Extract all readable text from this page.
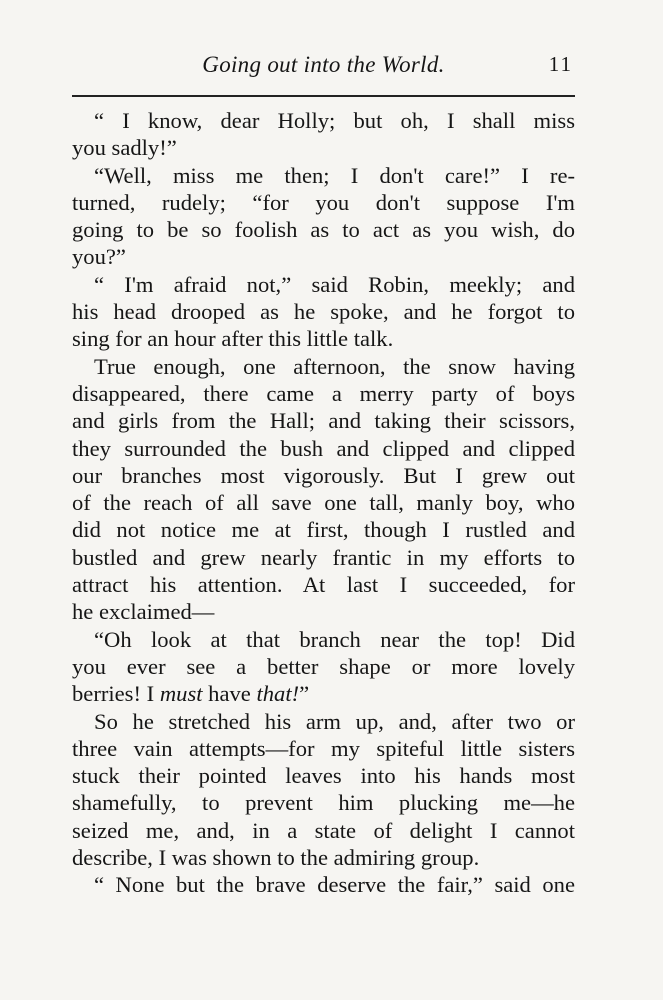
Going out into the World.	11
“ I know, dear Holly; but oh, I shall miss
you sadly!”
“Well, miss me then; I don't care!” I re-
turned, rudely; “for you don't suppose I'm
going to be so foolish as to act as you wish, do
you?”
“ I'm afraid not,” said Robin, meekly; and
his head drooped as he spoke, and he forgot to
sing for an hour after this little talk.
True enough, one afternoon, the snow having
disappeared, there came a merry party of boys
and girls from the Hall; and taking their scissors,
they surrounded the bush and clipped and clipped
our branches most vigorously. But I grew out
of the reach of all save one tall, manly boy, who
did not notice me at first, though I rustled and
bustled and grew nearly frantic in my efforts to
attract his attention. At last I succeeded, for
he exclaimed—
“Oh look at that branch near the top! Did
you ever see a better shape or more lovely
berries! I must have that!”
So he stretched his arm up, and, after two or
three vain attempts—for my spiteful little sisters
stuck their pointed leaves into his hands most
shamefully, to prevent him plucking me—he
seized me, and, in a state of delight I cannot
describe, I was shown to the admiring group.
“ None but the brave deserve the fair,” said one
